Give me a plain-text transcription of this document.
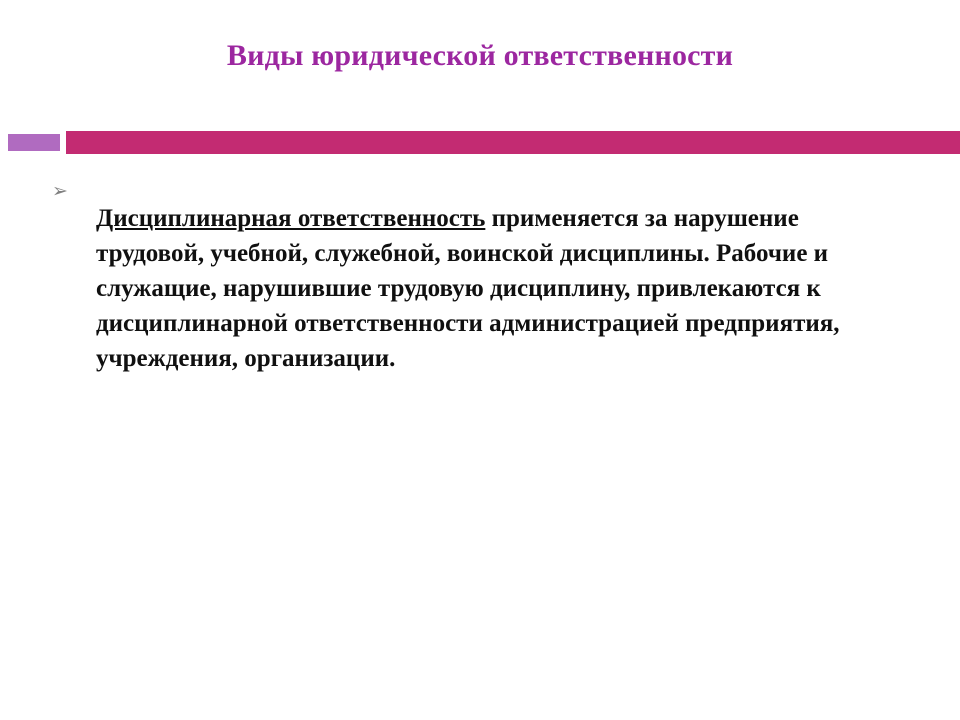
Виды юридической ответственности
➢

Дисциплинарная ответственность применяется за нарушение трудовой, учебной, служебной, воинской дисциплины. Рабочие и служащие, нарушившие трудовую дисциплину, привлекаются к дисциплинарной ответственности администрацией предприятия, учреждения, организации.
